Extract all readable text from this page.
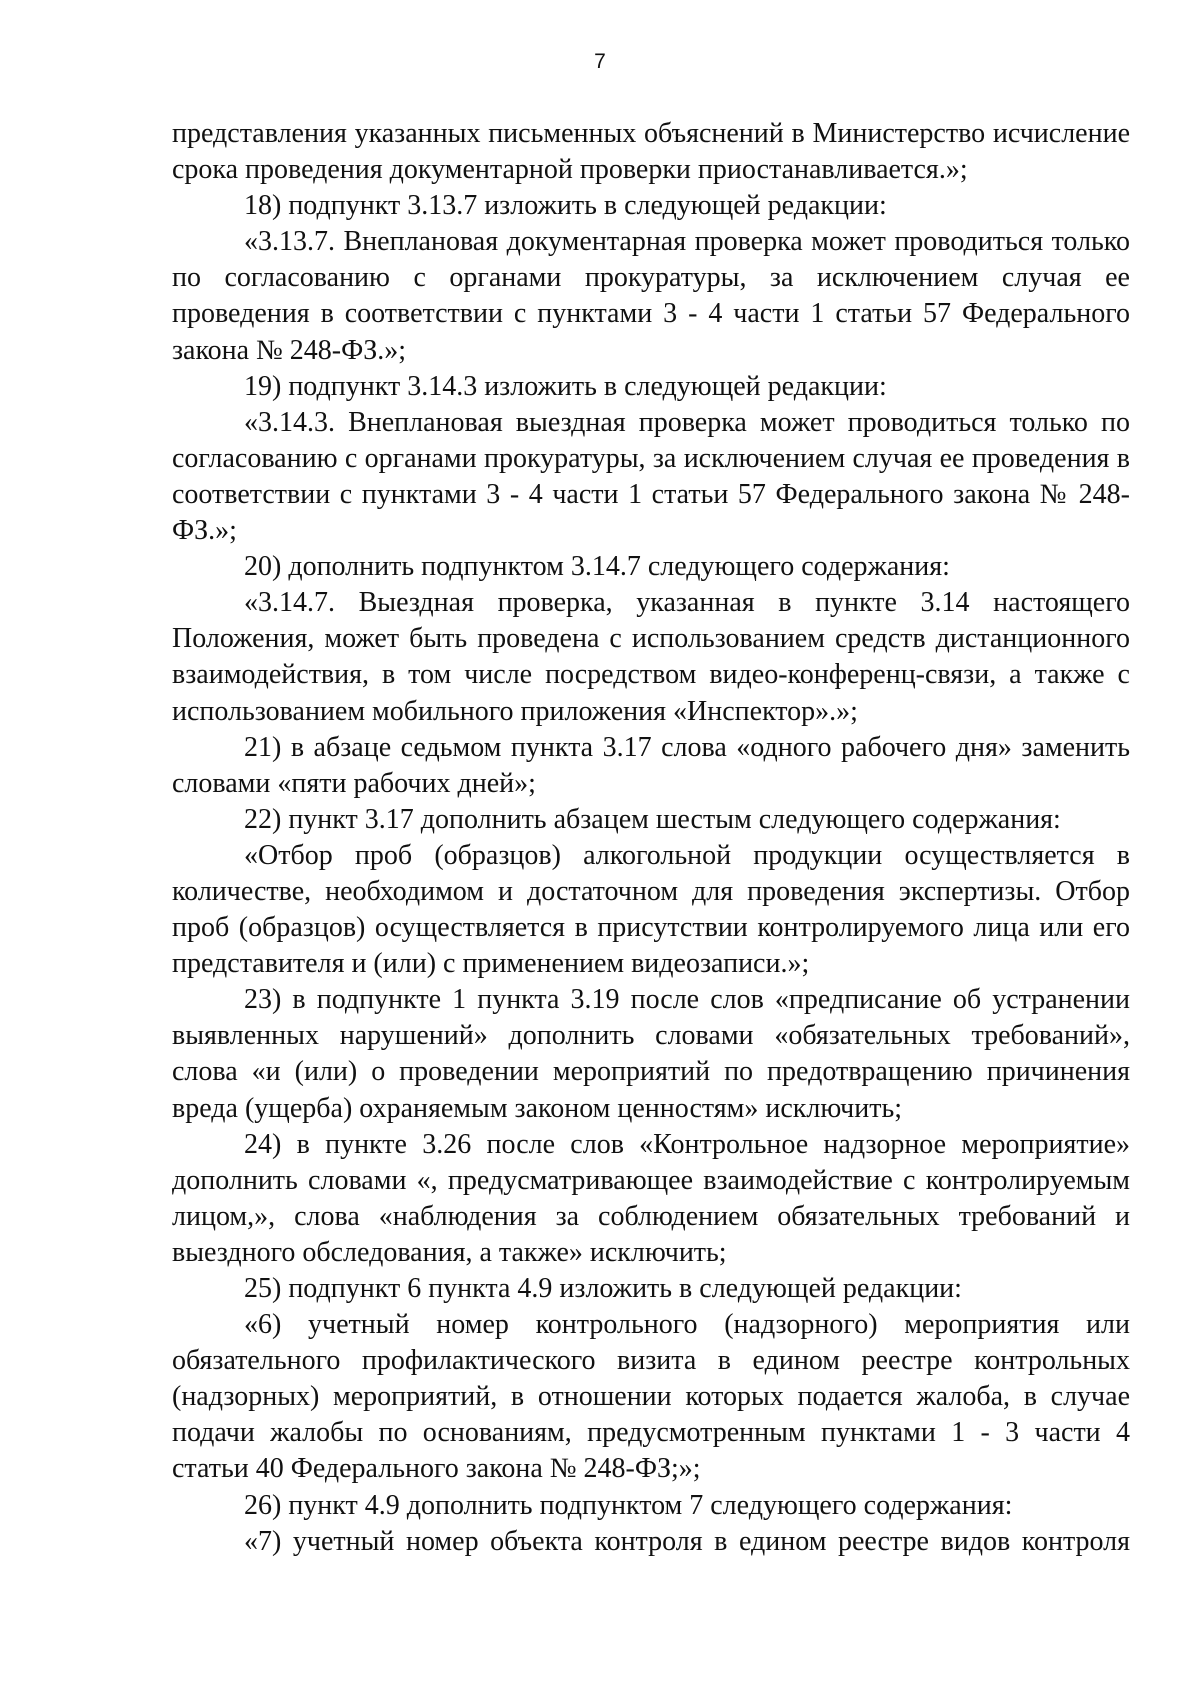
7

представления указанных письменных объяснений в Министерство исчисление срока проведения документарной проверки приостанавливается.»;

18) подпункт 3.13.7 изложить в следующей редакции:

«3.13.7. Внеплановая документарная проверка может проводиться только по согласованию с органами прокуратуры, за исключением случая ее проведения в соответствии с пунктами 3 - 4 части 1 статьи 57 Федерального закона № 248-ФЗ.»;

19) подпункт 3.14.3 изложить в следующей редакции:

«3.14.3. Внеплановая выездная проверка может проводиться только по согласованию с органами прокуратуры, за исключением случая ее проведения в соответствии с пунктами 3 - 4 части 1 статьи 57 Федерального закона № 248-ФЗ.»;

20) дополнить подпунктом 3.14.7 следующего содержания:

«3.14.7. Выездная проверка, указанная в пункте 3.14 настоящего Положения, может быть проведена с использованием средств дистанционного взаимодействия, в том числе посредством видео-конференц-связи, а также с использованием мобильного приложения «Инспектор».»;

21) в абзаце седьмом пункта 3.17 слова «одного рабочего дня» заменить словами «пяти рабочих дней»;

22) пункт 3.17 дополнить абзацем шестым следующего содержания:

«Отбор проб (образцов) алкогольной продукции осуществляется в количестве, необходимом и достаточном для проведения экспертизы. Отбор проб (образцов) осуществляется в присутствии контролируемого лица или его представителя и (или) с применением видеозаписи.»;

23) в подпункте 1 пункта 3.19 после слов «предписание об устранении выявленных нарушений» дополнить словами «обязательных требований», слова «и (или) о проведении мероприятий по предотвращению причинения вреда (ущерба) охраняемым законом ценностям» исключить;

24) в пункте 3.26 после слов «Контрольное надзорное мероприятие» дополнить словами «, предусматривающее взаимодействие с контролируемым лицом,», слова «наблюдения за соблюдением обязательных требований и выездного обследования, а также» исключить;

25) подпункт 6 пункта 4.9 изложить в следующей редакции:

«6) учетный номер контрольного (надзорного) мероприятия или обязательного профилактического визита в едином реестре контрольных (надзорных) мероприятий, в отношении которых подается жалоба, в случае подачи жалобы по основаниям, предусмотренным пунктами 1 - 3 части 4 статьи 40 Федерального закона № 248-ФЗ;»;

26) пункт 4.9 дополнить подпунктом 7 следующего содержания:

«7) учетный номер объекта контроля в едином реестре видов контроля
